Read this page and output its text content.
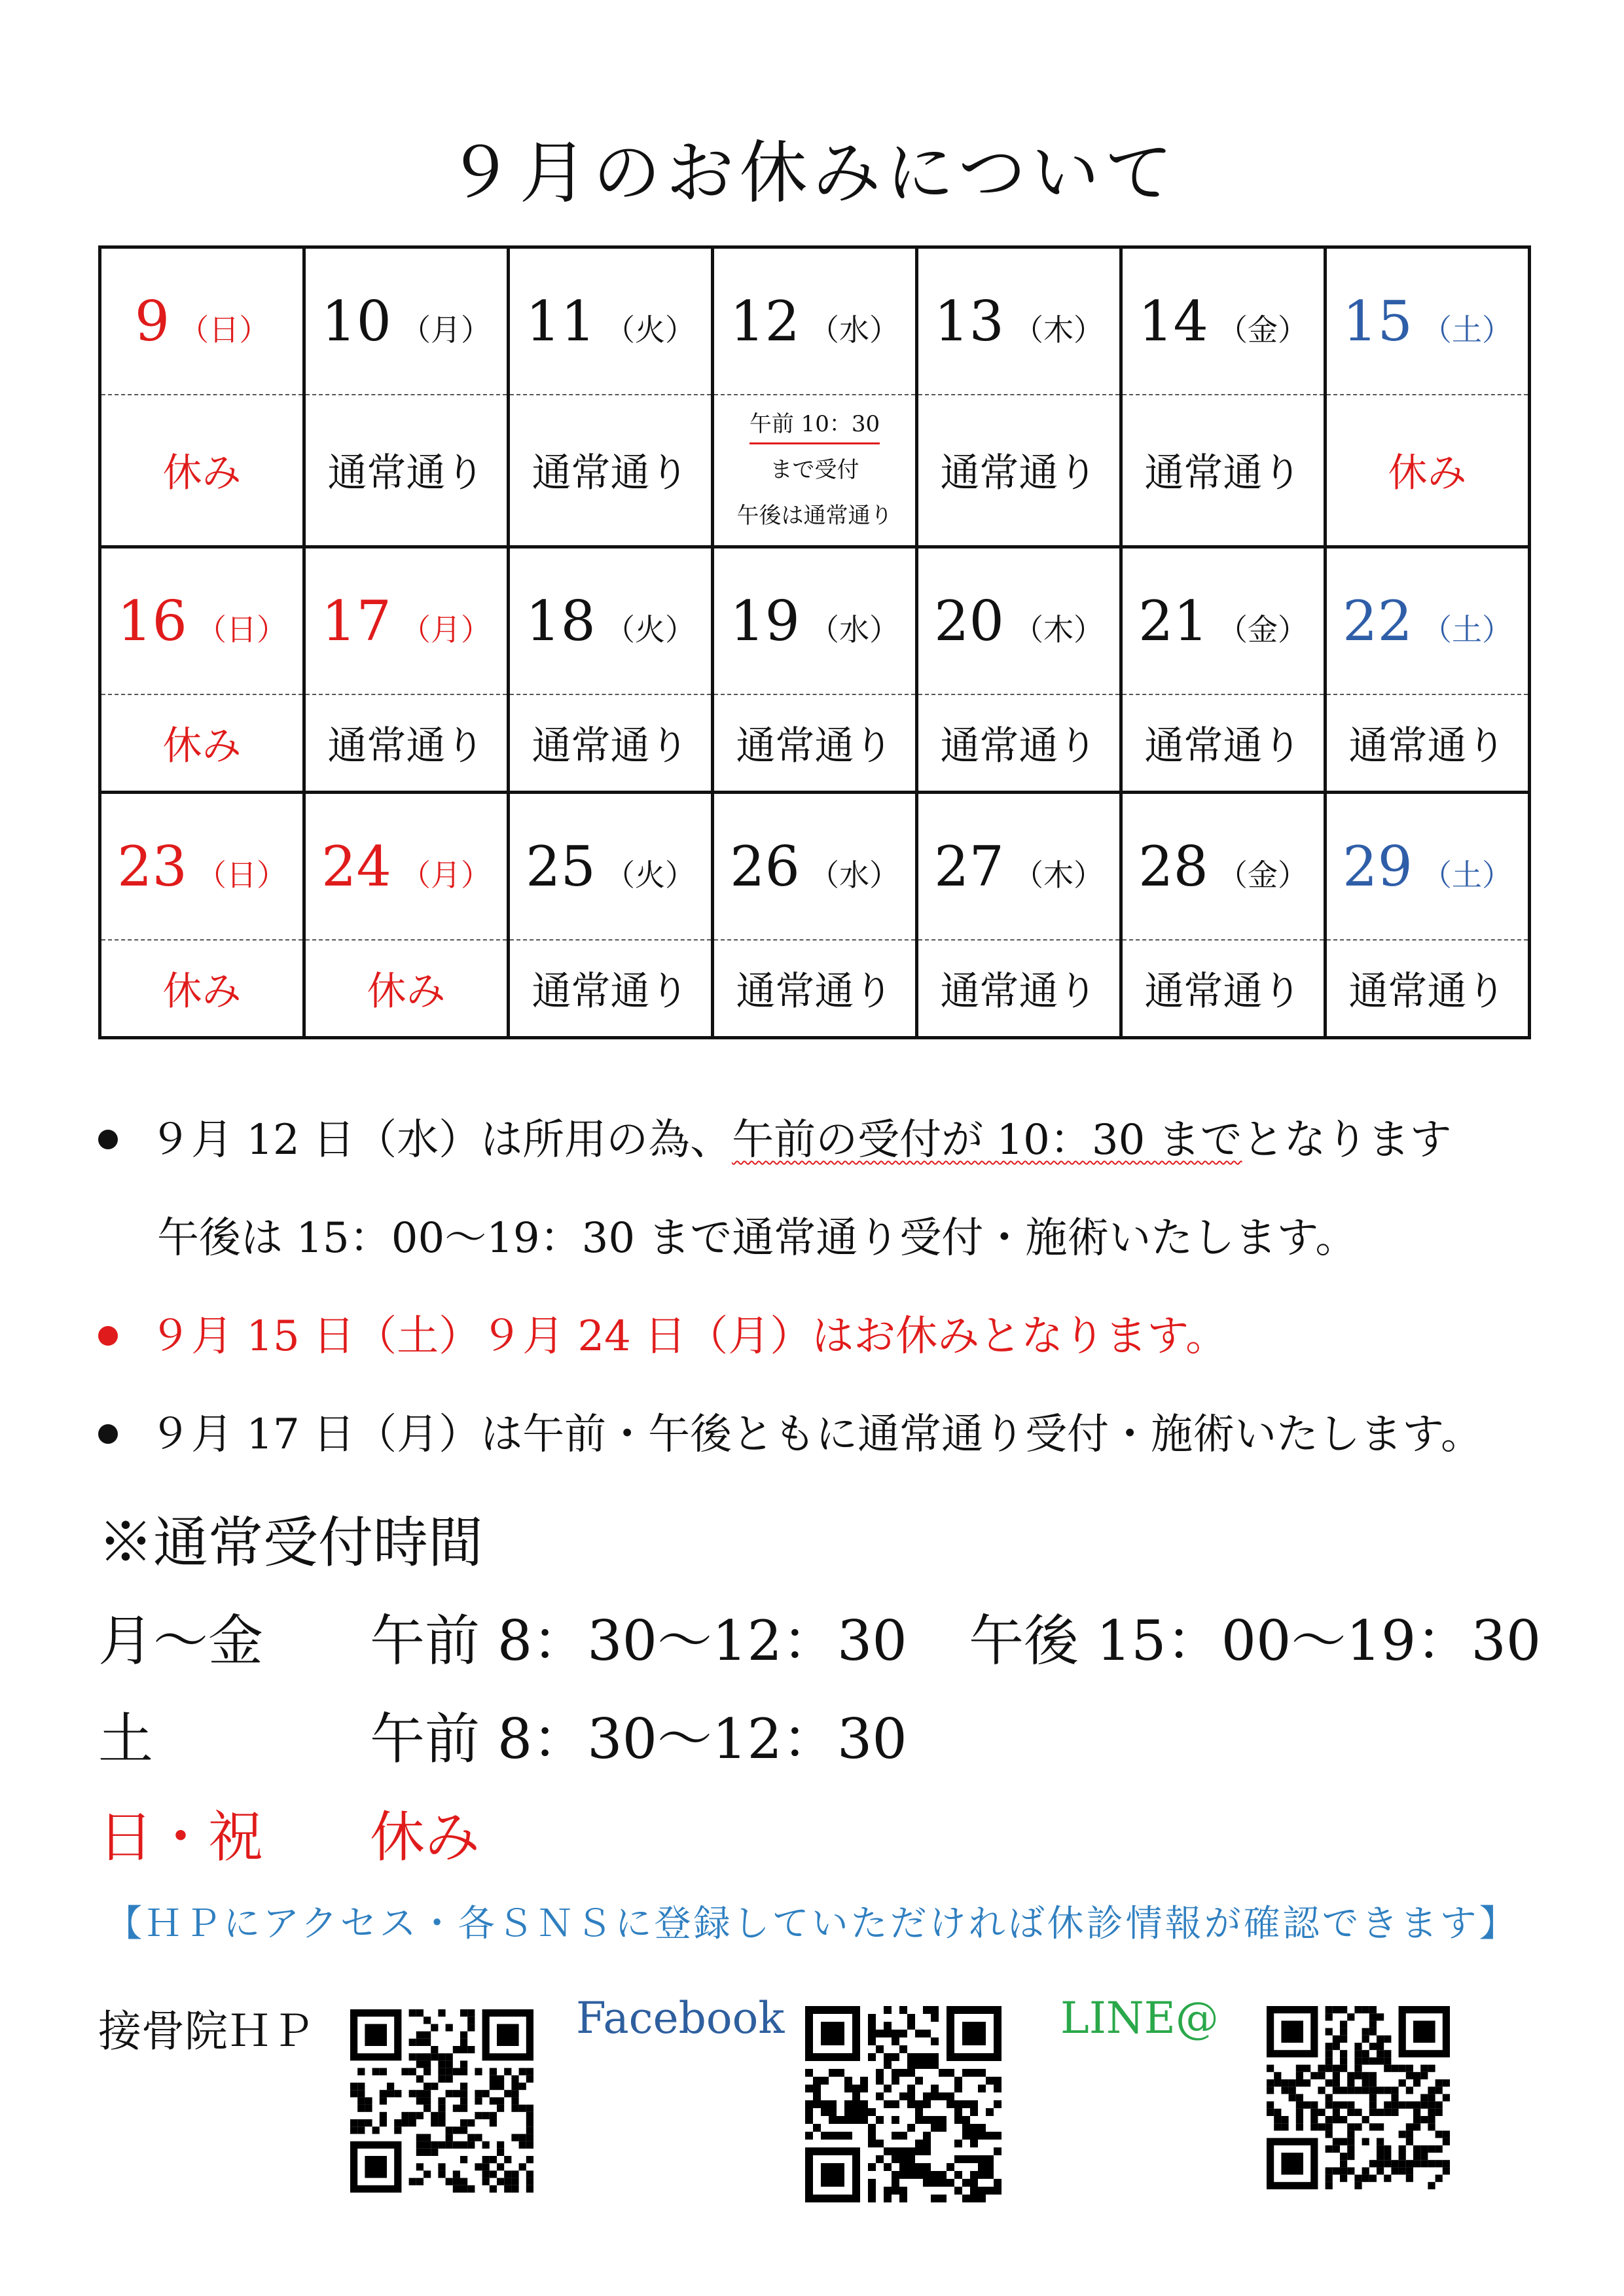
９月のお休みについて
9 （日）	10 （月）	11 （火）	12 （水）	13 （木）	14 （金）	15 （土）
休み	通常通り	通常通り	午前 10：30
まで受付
午後は通常通り	通常通り	通常通り	休み
16 （日）	17 （月）	18 （火）	19 （水）	20 （木）	21 （金）	22 （土）
休み	通常通り	通常通り	通常通り	通常通り	通常通り	通常通り
23 （日）	24 （月）	25 （火）	26 （水）	27 （木）	28 （金）	29 （土）
休み	休み	通常通り	通常通り	通常通り	通常通り	通常通り
９月 12 日（水）は所用の為、午前の受付が 10：30 までとなります
午後は 15：00～19：30 まで通常通り受付・施術いたします。
９月 15 日（土）９月 24 日（月）はお休みとなります。
９月 17 日（月）は午前・午後ともに通常通り受付・施術いたします。
※通常受付時間
月～金 午前 8：30～12：30 午後 15：00～19：30
土	午前 8：30～12：30
日・祝 休み
【ＨＰにアクセス・各ＳＮＳに登録していただければ休診情報が確認できます】
接骨院ＨＰ	Facebook	LINE@
